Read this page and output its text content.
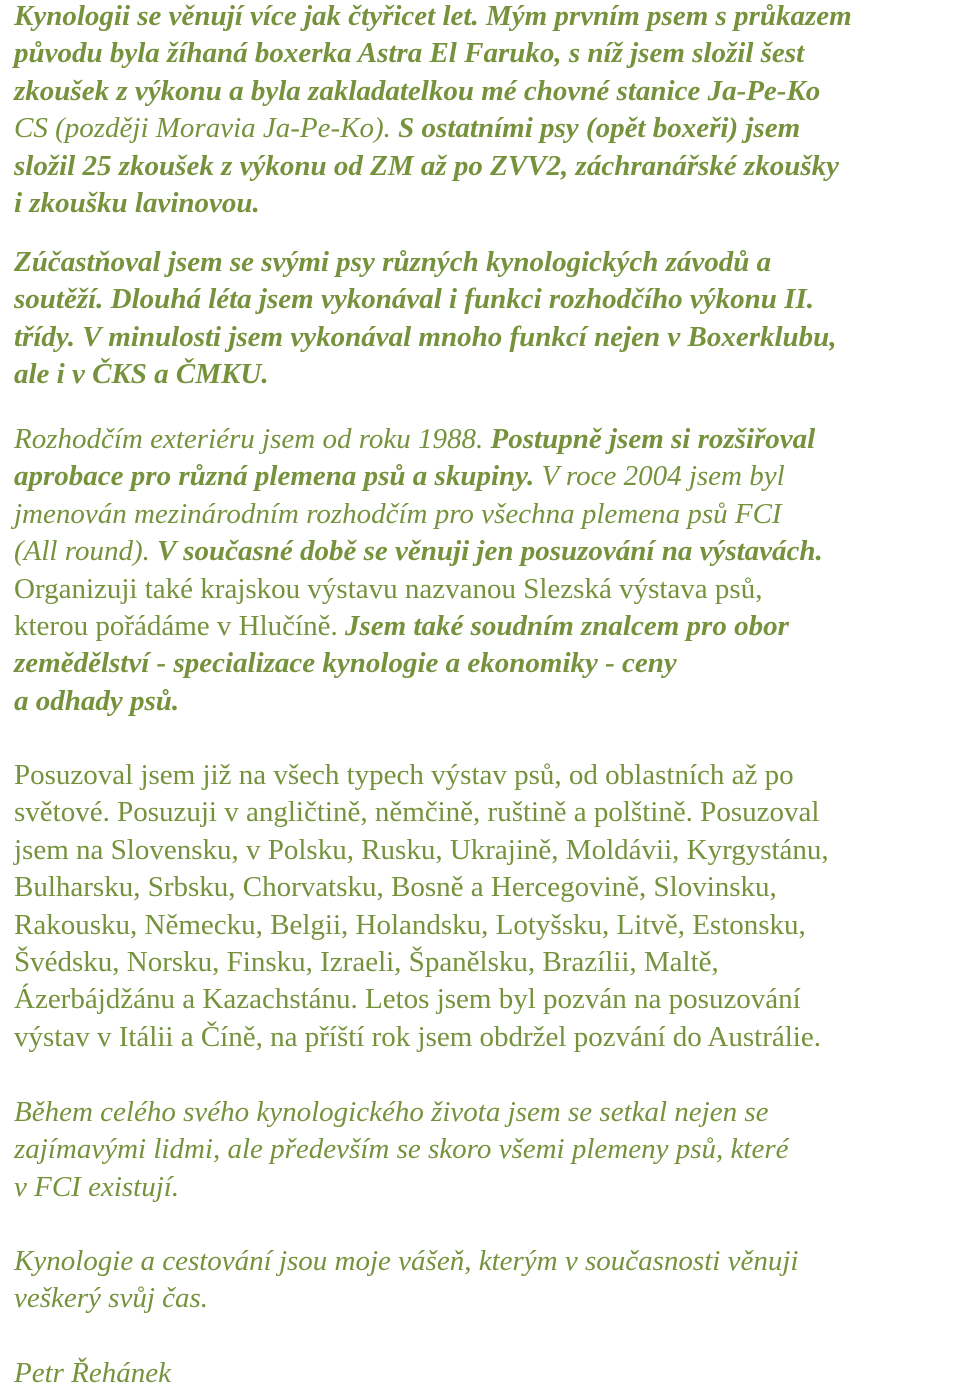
Kynologii se věnují více jak čtyřicet let. Mým prvním psem s průkazem
původu byla žíhaná boxerka Astra El Faruko, s níž jsem složil šest
zkoušek z výkonu a byla zakladatelkou mé chovné stanice Ja-Pe-Ko
CS (později Moravia Ja-Pe-Ko). S ostatními psy (opět boxeři) jsem
složil 25 zkoušek z výkonu od ZM až po ZVV2, záchranářské zkoušky
i zkoušku lavinovou.
Zúčastňoval jsem se svými psy různých kynologických závodů a
soutěží. Dlouhá léta jsem vykonával i funkci rozhodčího výkonu II.
třídy. V minulosti jsem vykonával mnoho funkcí nejen v Boxerklubu,
ale i v ČKS a ČMKU.
Rozhodčím exteriéru jsem od roku 1988. Postupně jsem si rozšiřoval
aprobace pro různá plemena psů a skupiny. V roce 2004 jsem byl
jmenován mezinárodním rozhodčím pro všechna plemena psů FCI
(All round). V současné době se věnuji jen posuzování na výstavách.
Organizuji také krajskou výstavu nazvanou Slezská výstava psů,
kterou pořádáme v Hlučíně. Jsem také soudním znalcem pro obor
zemědělství - specializace kynologie a ekonomiky - ceny
a odhady psů.
Posuzoval jsem již na všech typech výstav psů, od oblastních až po
světové. Posuzuji v angličtině, němčině, ruštině a polštině. Posuzoval
jsem na Slovensku, v Polsku, Rusku, Ukrajině, Moldávii, Kyrgystánu,
Bulharsku, Srbsku, Chorvatsku, Bosně a Hercegovině, Slovinsku,
Rakousku, Německu, Belgii, Holandsku, Lotyšsku, Litvě, Estonsku,
Švédsku, Norsku, Finsku, Izraeli, Španělsku, Brazílii, Maltě,
Ázerbájdžánu a Kazachstánu. Letos jsem byl pozván na posuzování
výstav v Itálii a Číně, na příští rok jsem obdržel pozvání do Austrálie.
Během celého svého kynologického života jsem se setkal nejen se
zajímavými lidmi, ale především se skoro všemi plemeny psů, které
v FCI existují.
Kynologie a cestování jsou moje vášeň, kterým v současnosti věnuji
veškerý svůj čas.
Petr Řehánek
